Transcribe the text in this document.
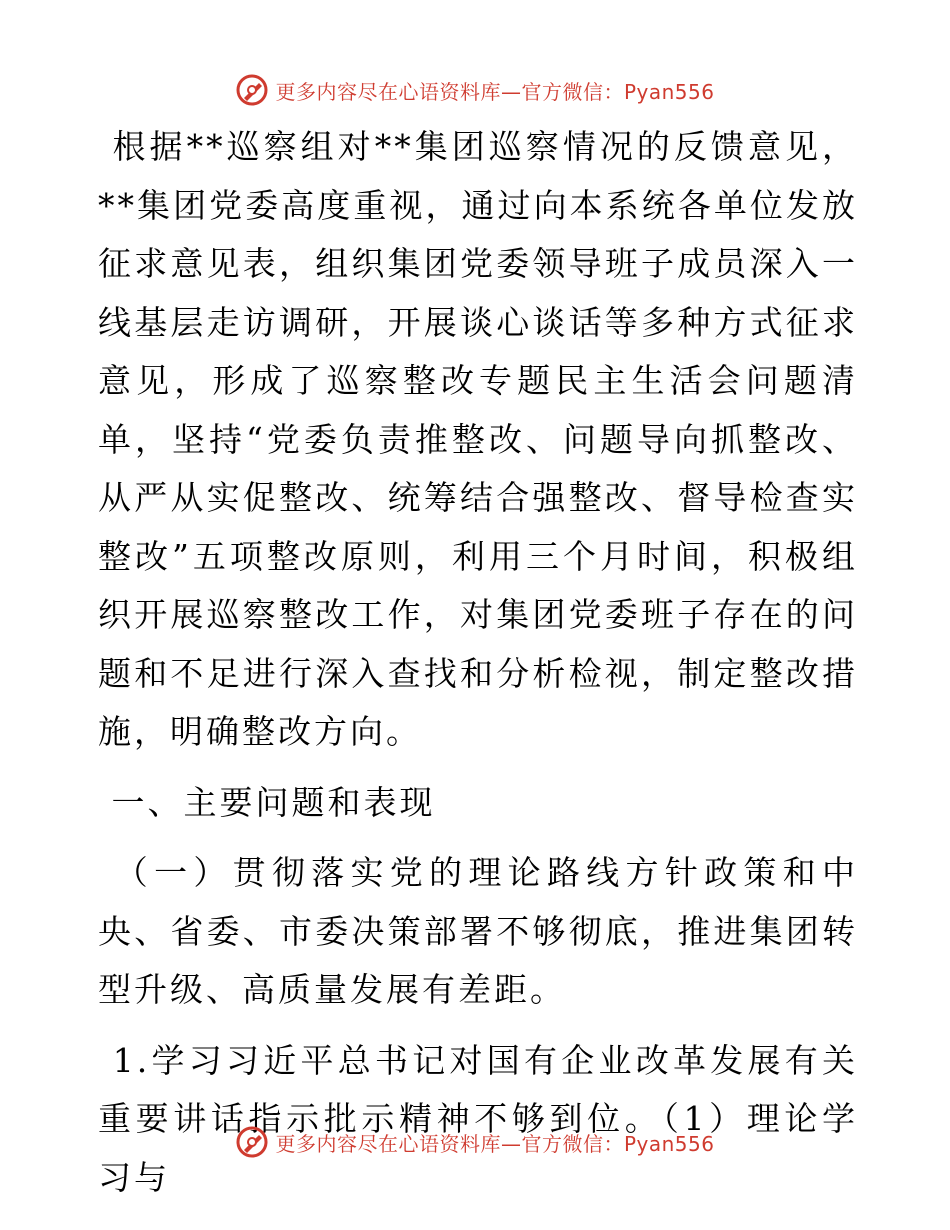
更多内容尽在心语资料库—官方微信：Pyan556

根据**巡察组对**集团巡察情况的反馈意见，**集团党委高度重视，通过向本系统各单位发放征求意见表，组织集团党委领导班子成员深入一线基层走访调研，开展谈心谈话等多种方式征求意见，形成了巡察整改专题民主生活会问题清单，坚持“党委负责推整改、问题导向抓整改、从严从实促整改、统筹结合强整改、督导检查实整改”五项整改原则，利用三个月时间，积极组织开展巡察整改工作，对集团党委班子存在的问题和不足进行深入查找和分析检视，制定整改措施，明确整改方向。

一、主要问题和表现

（一）贯彻落实党的理论路线方针政策和中央、省委、市委决策部署不够彻底，推进集团转型升级、高质量发展有差距。

1.学习习近平总书记对国有企业改革发展有关重要讲话指示批示精神不够到位。（1）理论学习与

更多内容尽在心语资料库—官方微信：Pyan556
